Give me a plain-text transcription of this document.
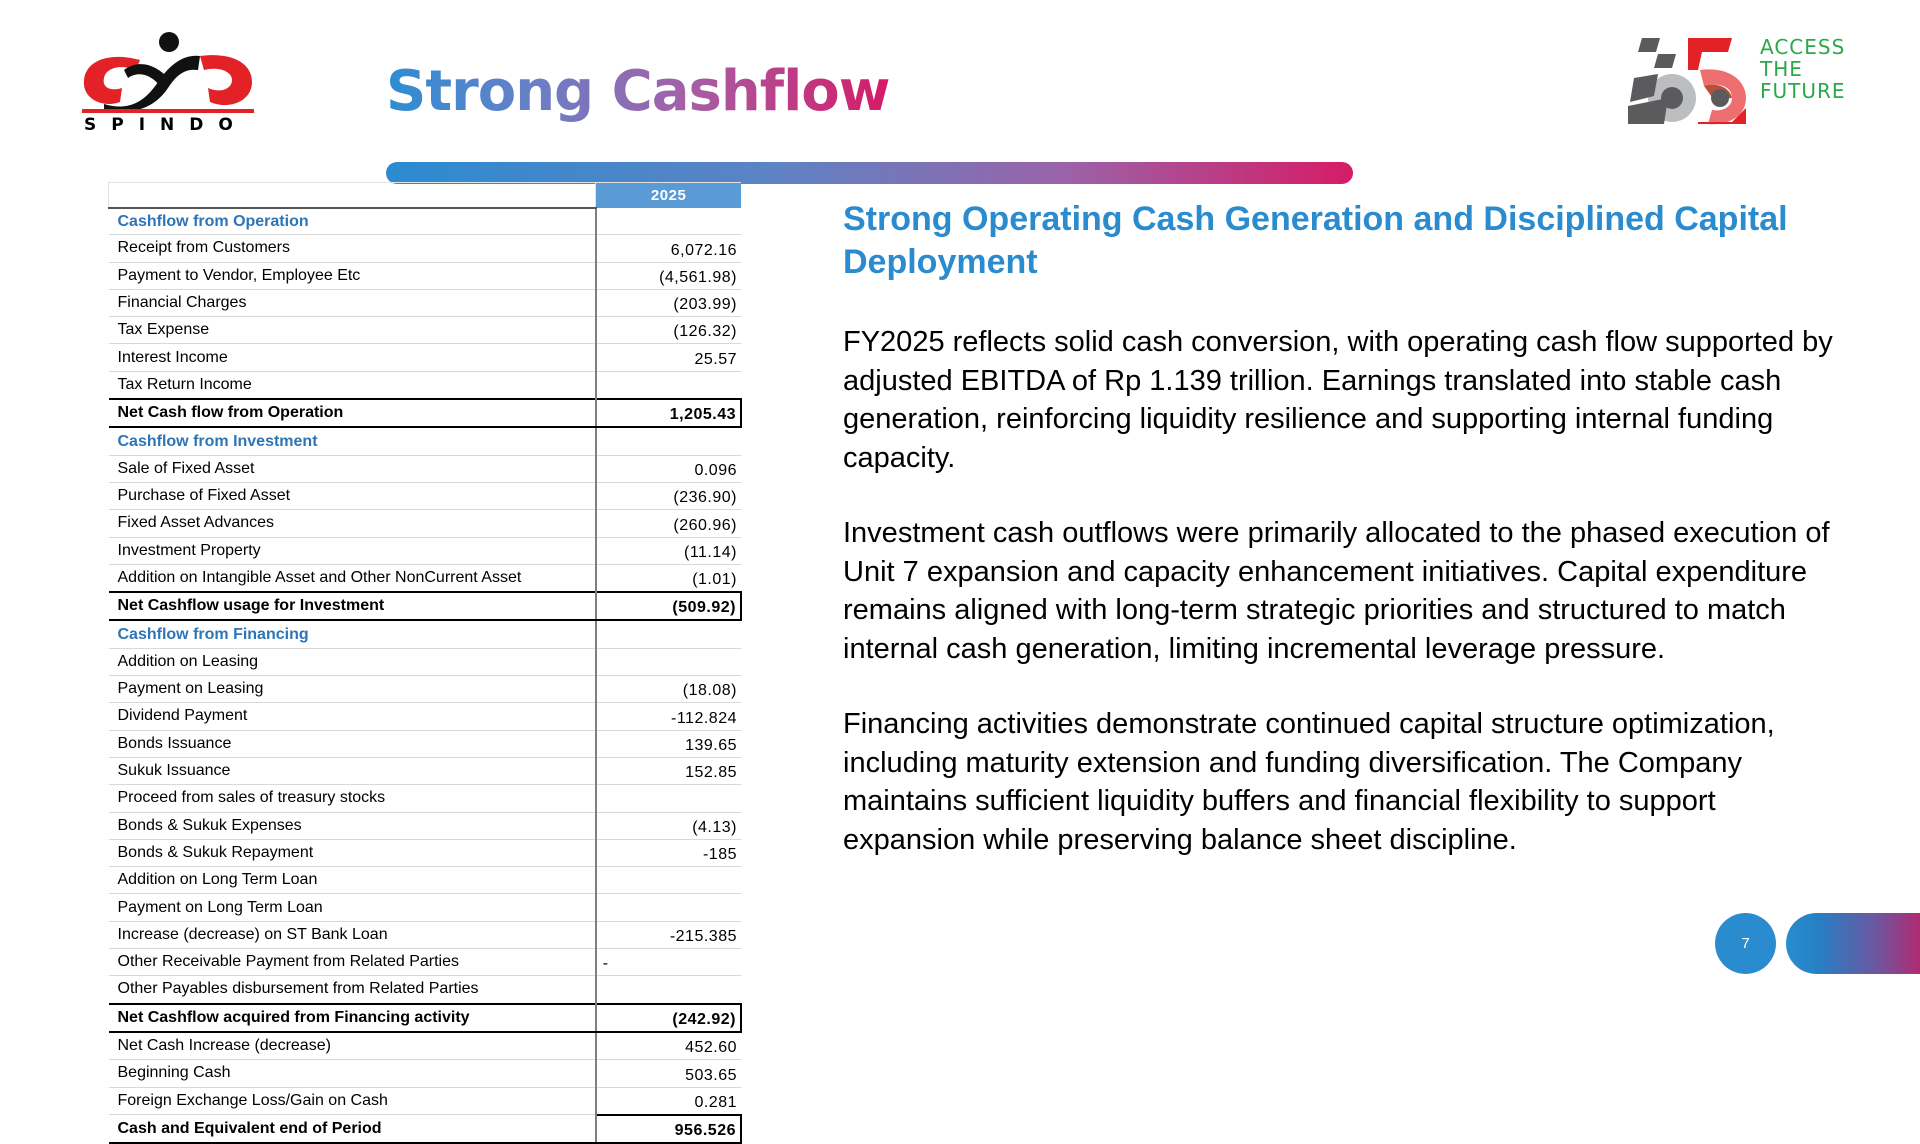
SPINDO
Strong Cashflow
ACCESS
THE
FUTURE
	2025
Cashflow from Operation	
Receipt from Customers	6,072.16
Payment to Vendor, Employee Etc	(4,561.98)
Financial Charges	(203.99)
Tax Expense	(126.32)
Interest Income	25.57
Tax Return Income	
Net Cash flow from Operation	1,205.43
Cashflow from Investment	
Sale of Fixed Asset	0.096
Purchase of Fixed Asset	(236.90)
Fixed Asset Advances	(260.96)
Investment Property	(11.14)
Addition on Intangible Asset and Other NonCurrent Asset	(1.01)
Net Cashflow usage for Investment	(509.92)
Cashflow from Financing	
Addition on Leasing	
Payment on Leasing	(18.08)
Dividend Payment	-112.824
Bonds Issuance	139.65
Sukuk Issuance	152.85
Proceed from sales of treasury stocks	
Bonds & Sukuk Expenses	(4.13)
Bonds & Sukuk Repayment	-185
Addition on Long Term Loan	
Payment on Long Term Loan	
Increase (decrease) on ST Bank Loan	-215.385
Other Receivable Payment from Related Parties	-
Other Payables disbursement from Related Parties	
Net Cashflow acquired from Financing activity	(242.92)
Net Cash Increase (decrease)	452.60
Beginning Cash	503.65
Foreign Exchange Loss/Gain on Cash	0.281
Cash and Equivalent end of Period	956.526
Strong Operating Cash Generation and Disciplined Capital Deployment

FY2025 reflects solid cash conversion, with operating cash flow supported by adjusted EBITDA of Rp 1.139 trillion. Earnings translated into stable cash generation, reinforcing liquidity resilience and supporting internal funding capacity.

Investment cash outflows were primarily allocated to the phased execution of Unit 7 expansion and capacity enhancement initiatives. Capital expenditure remains aligned with long-term strategic priorities and structured to match internal cash generation, limiting incremental leverage pressure.

Financing activities demonstrate continued capital structure optimization, including maturity extension and funding diversification. The Company maintains sufficient liquidity buffers and financial flexibility to support expansion while preserving balance sheet discipline.

7
